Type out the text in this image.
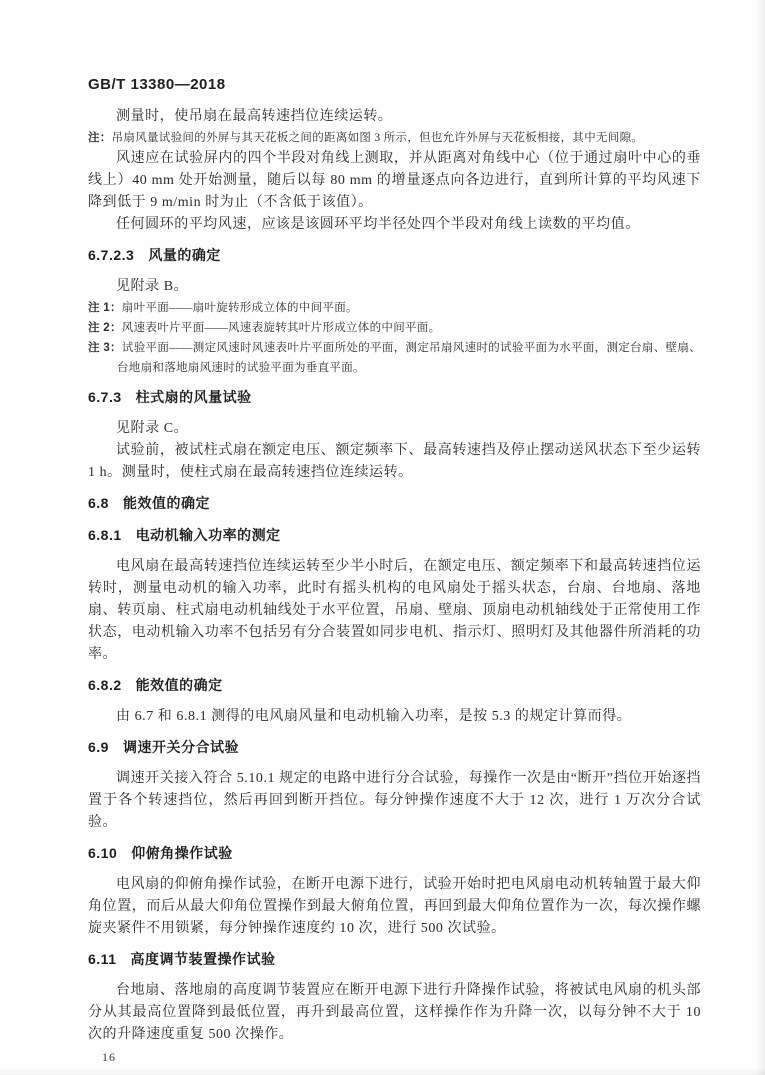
GB/T 13380—2018

测量时，使吊扇在最高转速挡位连续运转。

注：吊扇风量试验间的外屏与其天花板之间的距离如图 3 所示，但也允许外屏与天花板相接，其中无间隙。

风速应在试验屏内的四个半段对角线上测取，并从距离对角线中心（位于通过扇叶中心的垂线上）40 mm 处开始测量，随后以每 80 mm 的增量逐点向各边进行，直到所计算的平均风速下降到低于 9 m/min 时为止（不含低于该值）。

任何圆环的平均风速，应该是该圆环平均半径处四个半段对角线上读数的平均值。

6.7.2.3 风量的确定

见附录 B。

注 1：扇叶平面——扇叶旋转形成立体的中间平面。

注 2：风速表叶片平面——风速表旋转其叶片形成立体的中间平面。

注 3：试验平面——测定风速时风速表叶片平面所处的平面，测定吊扇风速时的试验平面为水平面，测定台扇、壁扇、台地扇和落地扇风速时的试验平面为垂直平面。

6.7.3 柱式扇的风量试验

见附录 C。

试验前，被试柱式扇在额定电压、额定频率下、最高转速挡及停止摆动送风状态下至少运转 1 h。测量时，使柱式扇在最高转速挡位连续运转。

6.8 能效值的确定
6.8.1 电动机输入功率的测定

电风扇在最高转速挡位连续运转至少半小时后，在额定电压、额定频率下和最高转速挡位运转时，测量电动机的输入功率，此时有摇头机构的电风扇处于摇头状态，台扇、台地扇、落地扇、转页扇、柱式扇电动机轴线处于水平位置，吊扇、壁扇、顶扇电动机轴线处于正常使用工作状态，电动机输入功率不包括另有分合装置如同步电机、指示灯、照明灯及其他器件所消耗的功率。

6.8.2 能效值的确定

由 6.7 和 6.8.1 测得的电风扇风量和电动机输入功率，是按 5.3 的规定计算而得。

6.9 调速开关分合试验

调速开关接入符合 5.10.1 规定的电路中进行分合试验，每操作一次是由“断开”挡位开始逐挡置于各个转速挡位，然后再回到断开挡位。每分钟操作速度不大于 12 次，进行 1 万次分合试验。

6.10 仰俯角操作试验

电风扇的仰俯角操作试验，在断开电源下进行，试验开始时把电风扇电动机转轴置于最大仰角位置，而后从最大仰角位置操作到最大俯角位置，再回到最大仰角位置作为一次，每次操作螺旋夹紧件不用锁紧，每分钟操作速度约 10 次，进行 500 次试验。

6.11 高度调节装置操作试验

台地扇、落地扇的高度调节装置应在断开电源下进行升降操作试验，将被试电风扇的机头部分从其最高位置降到最低位置，再升到最高位置，这样操作作为升降一次，以每分钟不大于 10 次的升降速度重复 500 次操作。

16
